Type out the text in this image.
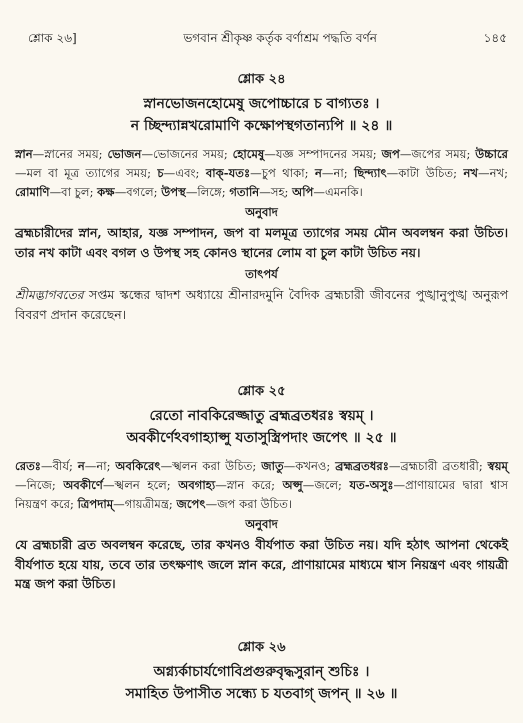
শ্লোক ২৬]	ভগবান শ্রীকৃষ্ণ কর্তৃক বর্ণাশ্রম পদ্ধতি বর্ণন	১৪৫
শ্লোক ২৪
স্নানভোজনহোমেষু জপোচ্চারে চ বাগ্যতঃ ।
ন চ্ছিন্দ্যান্নখরোমাণি কক্ষোপস্থগতান্যপি ॥ ২৪ ॥
স্নান—স্নানের সময়; ভোজন—ভোজনের সময়; হোমেষু—যজ্ঞ সম্পাদনের সময়; জপ—জপের সময়; উচ্চারে—মল বা মূত্র ত্যাগের সময়; চ—এবং; বাক্‌-যতঃ—চুপ থাকা; ন—না; ছিন্দ্যাৎ—কাটা উচিত; নখ—নখ; রোমাণি—বা চুল; কক্ষ—বগলে; উপস্থ—লিঙ্গে; গতানি—সহ; অপি—এমনকি।
অনুবাদ
ব্রহ্মচারীদের স্নান, আহার, যজ্ঞ সম্পাদন, জপ বা মলমূত্র ত্যাগের সময় মৌন অবলম্বন করা উচিত। তার নখ কাটা এবং বগল ও উপস্থ সহ কোনও স্থানের লোম বা চুল কাটা উচিত নয়।
তাৎপর্য
শ্রীমদ্ভাগবতের সপ্তম স্কন্ধের দ্বাদশ অধ্যায়ে শ্রীনারদমুনি বৈদিক ব্রহ্মচারী জীবনের পুঙ্খানুপুঙ্খ অনুরূপ বিবরণ প্রদান করেছেন।
শ্লোক ২৫
রেতো নাবকিরেজ্জাতু ব্রহ্মব্রতধরঃ স্বয়ম্‌ ।
অবকীর্ণেঽবগাহ্যাপ্সু যতাসুস্ত্রিপদাং জপেৎ ॥ ২৫ ॥
রেতঃ—বীর্য; ন—না; অবকিরেৎ—স্খলন করা উচিত; জাতু—কখনও; ব্রহ্মব্রতধরঃ—ব্রহ্মচারী ব্রতধারী; স্বয়ম্‌—নিজে; অবকীর্ণে—স্খলন হলে; অবগাহ্য—স্নান করে; অপ্সু—জলে; যত-অসুঃ—প্রাণায়ামের দ্বারা শ্বাস নিয়ন্ত্রণ করে; ত্রিপদাম্‌—গায়ত্রীমন্ত্র; জপেৎ—জপ করা উচিত।
অনুবাদ
যে ব্রহ্মচারী ব্রত অবলম্বন করেছে, তার কখনও বীর্যপাত করা উচিত নয়। যদি হঠাৎ আপনা থেকেই বীর্যপাত হয়ে যায়, তবে তার তৎক্ষণাৎ জলে স্নান করে, প্রাণায়ামের মাধ্যমে শ্বাস নিয়ন্ত্রণ এবং গায়ত্রী মন্ত্র জপ করা উচিত।
শ্লোক ২৬
অগ্ন্যর্কাচার্যগোবিপ্রগুরুবৃদ্ধসুরান্‌ শুচিঃ ।
সমাহিত উপাসীত সন্ধ্যে চ যতবাগ্‌ জপন্‌ ॥ ২৬ ॥
